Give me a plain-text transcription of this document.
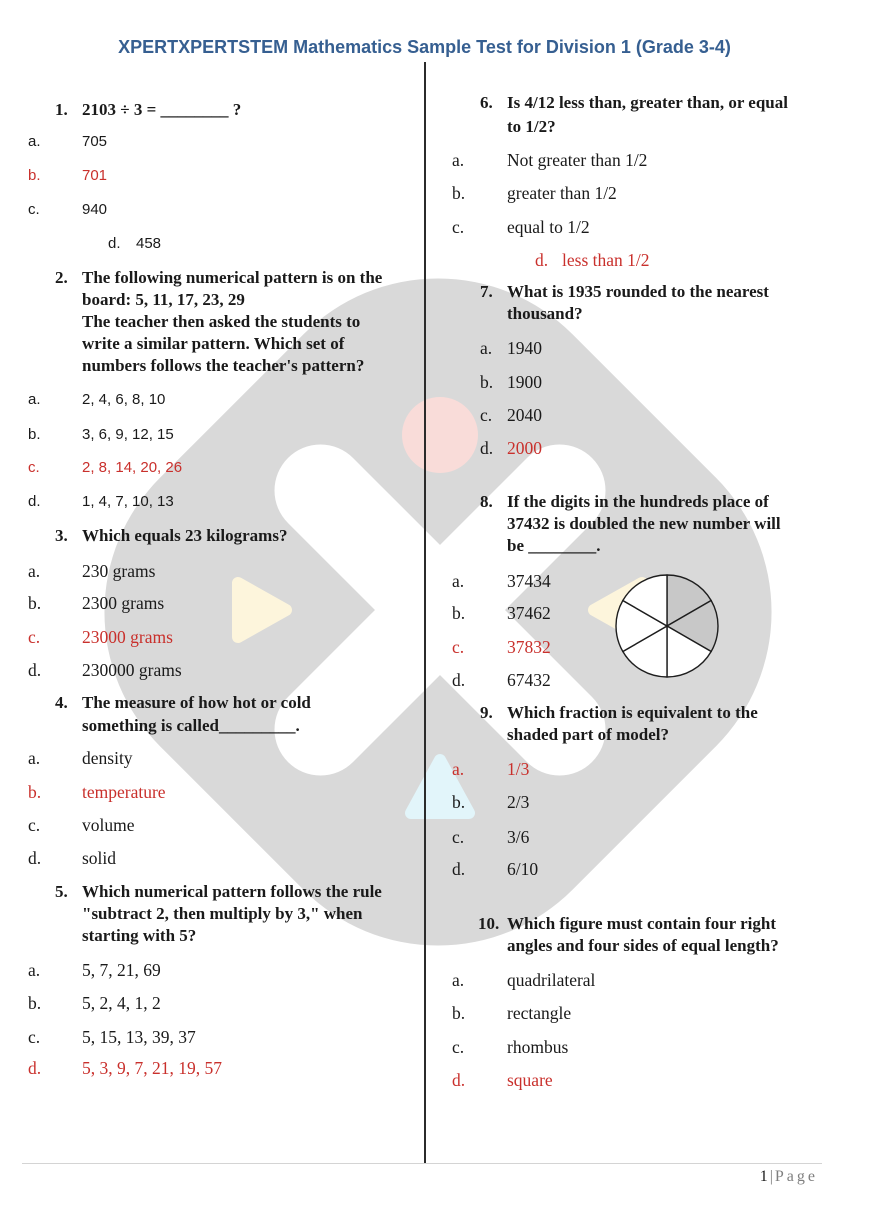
XPERTXPERTSTEM Mathematics Sample Test for Division 1 (Grade 3-4)
1. 2103 ÷ 3 = ________ ?
a.	705
b.	701
c.	940
d. 458
2. The following numerical pattern is on the
board: 5, 11, 17, 23, 29
The teacher then asked the students to
write a similar pattern. Which set of
numbers follows the teacher's pattern?
a.	2, 4, 6, 8, 10
b.	3, 6, 9, 12, 15
c.	2, 8, 14, 20, 26
d.	1, 4, 7, 10, 13
3. Which equals 23 kilograms?
a. 230 grams
b. 2300 grams
c. 23000 grams
d. 230000 grams
4. The measure of how hot or cold
something is called_________.
a. density
b. temperature
c. volume
d. solid
5. Which numerical pattern follows the rule
"subtract 2, then multiply by 3," when
starting with 5?
a. 5, 7, 21, 69
b. 5, 2, 4, 1, 2
c. 5, 15, 13, 39, 37
d. 5, 3, 9, 7, 21, 19, 57
6. Is 4/12 less than, greater than, or equal
to 1/2?
a. Not greater than 1/2
b. greater than 1/2
c. equal to 1/2
d. less than 1/2
7. What is 1935 rounded to the nearest
thousand?
a. 1940
b. 1900
c. 2040
d. 2000
8. If the digits in the hundreds place of
37432 is doubled the new number will
be ________.
a. 37434
b. 37462
c. 37832
d. 67432
9. Which fraction is equivalent to the
shaded part of model?
a. 1/3
b. 2/3
c. 3/6
d. 6/10
10. Which figure must contain four right
angles and four sides of equal length?
a. quadrilateral
b. rectangle
c. rhombus
d. square
1 | Page
